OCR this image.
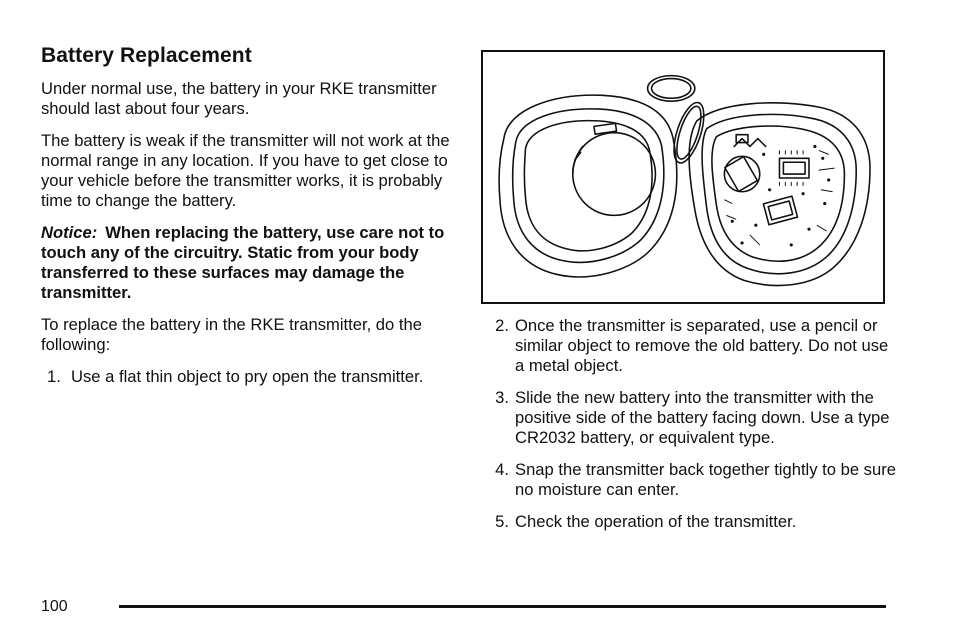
Battery Replacement

Under normal use, the battery in your RKE transmitter should last about four years.

The battery is weak if the transmitter will not work at the normal range in any location. If you have to get close to your vehicle before the transmitter works, it is probably time to change the battery.

Notice: When replacing the battery, use care not to touch any of the circuitry. Static from your body transferred to these surfaces may damage the transmitter.

To replace the battery in the RKE transmitter, do the following:

1. Use a flat thin object to pry open the transmitter.
2. Once the transmitter is separated, use a pencil or similar object to remove the old battery. Do not use a metal object.
3. Slide the new battery into the transmitter with the positive side of the battery facing down. Use a type CR2032 battery, or equivalent type.
4. Snap the transmitter back together tightly to be sure no moisture can enter.
5. Check the operation of the transmitter.
100
